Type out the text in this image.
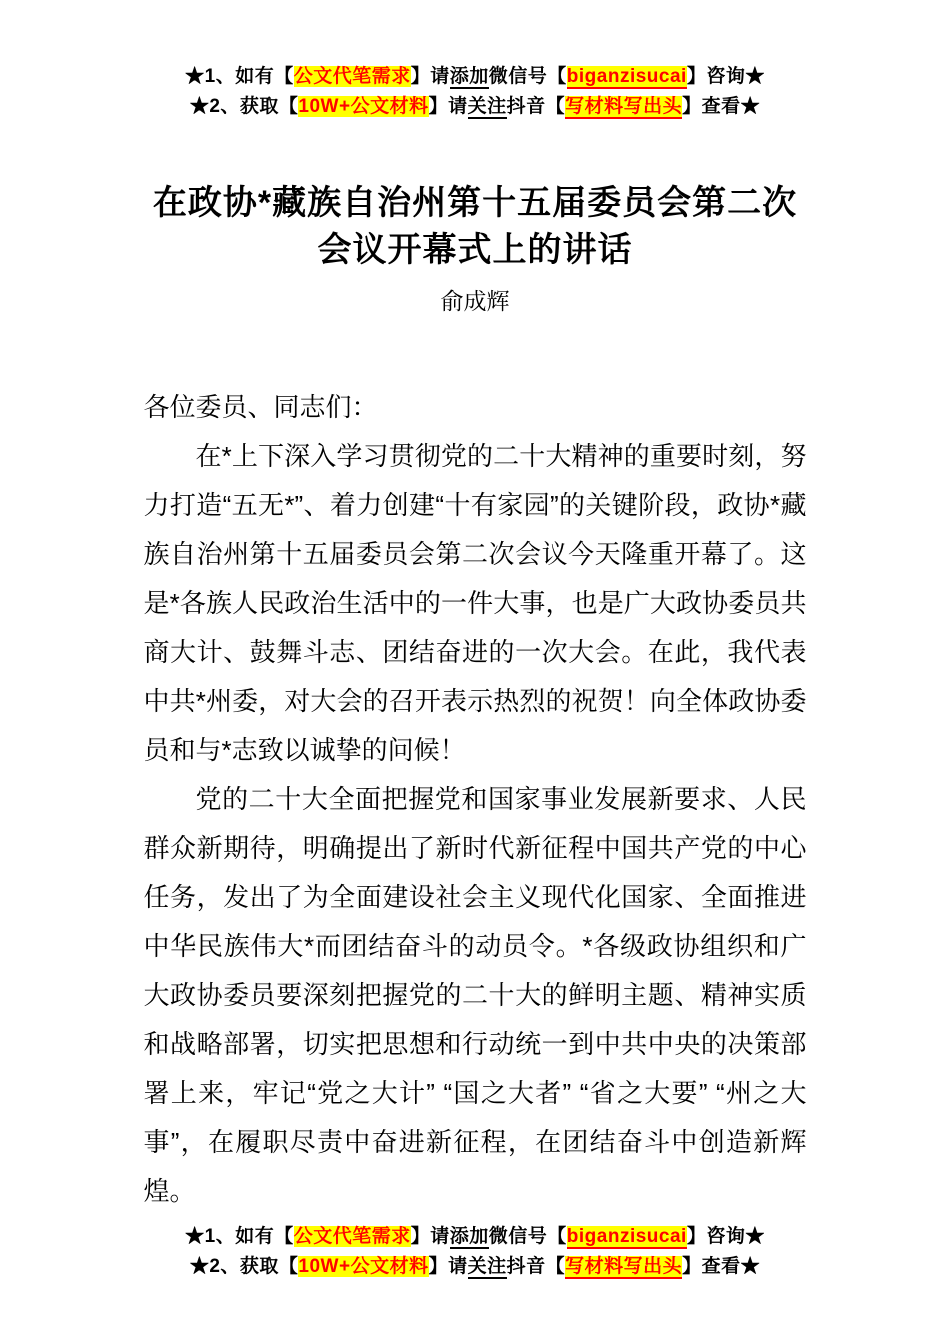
★1、如有【公文代笔需求】请添加微信号【biganzisucai】咨询★

★2、获取【10W+公文材料】请关注抖音【写材料写出头】查看★

在政协*藏族自治州第十五届委员会第二次会议开幕式上的讲话
俞成辉

各位委员、同志们：

在*上下深入学习贯彻党的二十大精神的重要时刻，努力打造“五无*”、着力创建“十有家园”的关键阶段，政协*藏族自治州第十五届委员会第二次会议今天隆重开幕了。这是*各族人民政治生活中的一件大事，也是广大政协委员共商大计、鼓舞斗志、团结奋进的一次大会。在此，我代表中共*州委，对大会的召开表示热烈的祝贺！向全体政协委员和与*志致以诚挚的问候！

党的二十大全面把握党和国家事业发展新要求、人民群众新期待，明确提出了新时代新征程中国共产党的中心任务，发出了为全面建设社会主义现代化国家、全面推进中华民族伟大*而团结奋斗的动员令。*各级政协组织和广大政协委员要深刻把握党的二十大的鲜明主题、精神实质和战略部署，切实把思想和行动统一到中共中央的决策部署上来，牢记“党之大计” “国之大者” “省之大要” “州之大事”，在履职尽责中奋进新征程，在团结奋斗中创造新辉煌。

★1、如有【公文代笔需求】请添加微信号【biganzisucai】咨询★

★2、获取【10W+公文材料】请关注抖音【写材料写出头】查看★
